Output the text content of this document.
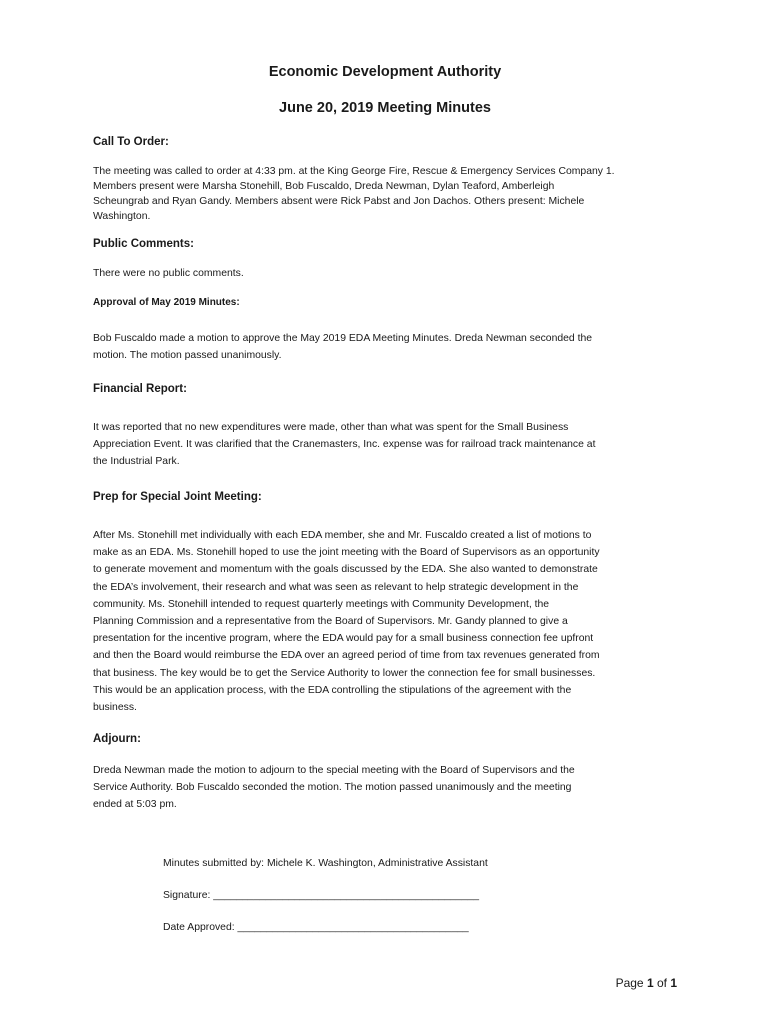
Economic Development Authority
June 20, 2019 Meeting Minutes
Call To Order:
The meeting was called to order at 4:33 pm. at the King George Fire, Rescue & Emergency Services Company 1.
Members present were Marsha Stonehill, Bob Fuscaldo, Dreda Newman, Dylan Teaford, Amberleigh
Scheungrab and Ryan Gandy. Members absent were Rick Pabst and Jon Dachos. Others present: Michele
Washington.
Public Comments:
There were no public comments.
Approval of May 2019 Minutes:
Bob Fuscaldo made a motion to approve the May 2019 EDA Meeting Minutes. Dreda Newman seconded the
motion. The motion passed unanimously.
Financial Report:
It was reported that no new expenditures were made, other than what was spent for the Small Business
Appreciation Event. It was clarified that the Cranemasters, Inc. expense was for railroad track maintenance at
the Industrial Park.
Prep for Special Joint Meeting:
After Ms. Stonehill met individually with each EDA member, she and Mr. Fuscaldo created a list of motions to
make as an EDA. Ms. Stonehill hoped to use the joint meeting with the Board of Supervisors as an opportunity
to generate movement and momentum with the goals discussed by the EDA. She also wanted to demonstrate
the EDA’s involvement, their research and what was seen as relevant to help strategic development in the
community. Ms. Stonehill intended to request quarterly meetings with Community Development, the
Planning Commission and a representative from the Board of Supervisors. Mr. Gandy planned to give a
presentation for the incentive program, where the EDA would pay for a small business connection fee upfront
and then the Board would reimburse the EDA over an agreed period of time from tax revenues generated from
that business. The key would be to get the Service Authority to lower the connection fee for small businesses.
This would be an application process, with the EDA controlling the stipulations of the agreement with the
business.
Adjourn:
Dreda Newman made the motion to adjourn to the special meeting with the Board of Supervisors and the
Service Authority. Bob Fuscaldo seconded the motion. The motion passed unanimously and the meeting
ended at 5:03 pm.
Minutes submitted by: Michele K. Washington, Administrative Assistant
Signature: ______________________________________________
Date Approved: ________________________________________
Page 1 of 1
